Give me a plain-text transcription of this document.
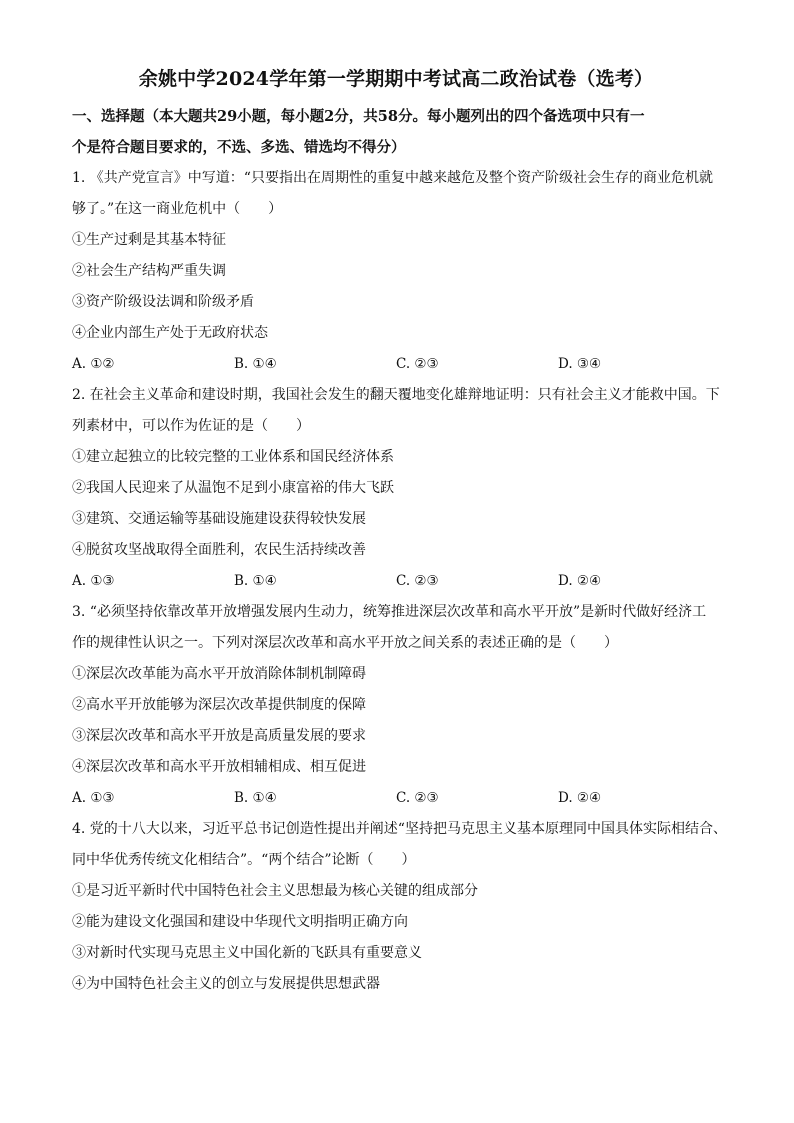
余姚中学2024学年第一学期期中考试高二政治试卷（选考）
一、选择题（本大题共29小题，每小题2分，共58分。每小题列出的四个备选项中只有一
个是符合题目要求的，不选、多选、错选均不得分）
1. 《共产党宣言》中写道：“只要指出在周期性的重复中越来越危及整个资产阶级社会生存的商业危机就
够了。”在这一商业危机中（　　）
①生产过剩是其基本特征
②社会生产结构严重失调
③资产阶级设法调和阶级矛盾
④企业内部生产处于无政府状态
A. ①②	B. ①④	C. ②③	D. ③④
2. 在社会主义革命和建设时期，我国社会发生的翻天覆地变化雄辩地证明：只有社会主义才能救中国。下
列素材中，可以作为佐证的是（　　）
①建立起独立的比较完整的工业体系和国民经济体系
②我国人民迎来了从温饱不足到小康富裕的伟大飞跃
③建筑、交通运输等基础设施建设获得较快发展
④脱贫攻坚战取得全面胜利，农民生活持续改善
A. ①③	B. ①④	C. ②③	D. ②④
3. “必须坚持依靠改革开放增强发展内生动力，统筹推进深层次改革和高水平开放”是新时代做好经济工
作的规律性认识之一。下列对深层次改革和高水平开放之间关系的表述正确的是（　　）
①深层次改革能为高水平开放消除体制机制障碍
②高水平开放能够为深层次改革提供制度的保障
③深层次改革和高水平开放是高质量发展的要求
④深层次改革和高水平开放相辅相成、相互促进
A. ①③	B. ①④	C. ②③	D. ②④
4. 党的十八大以来，习近平总书记创造性提出并阐述“坚持把马克思主义基本原理同中国具体实际相结合、
同中华优秀传统文化相结合”。“两个结合”论断（　　）
①是习近平新时代中国特色社会主义思想最为核心关键的组成部分
②能为建设文化强国和建设中华现代文明指明正确方向
③对新时代实现马克思主义中国化新的飞跃具有重要意义
④为中国特色社会主义的创立与发展提供思想武器
